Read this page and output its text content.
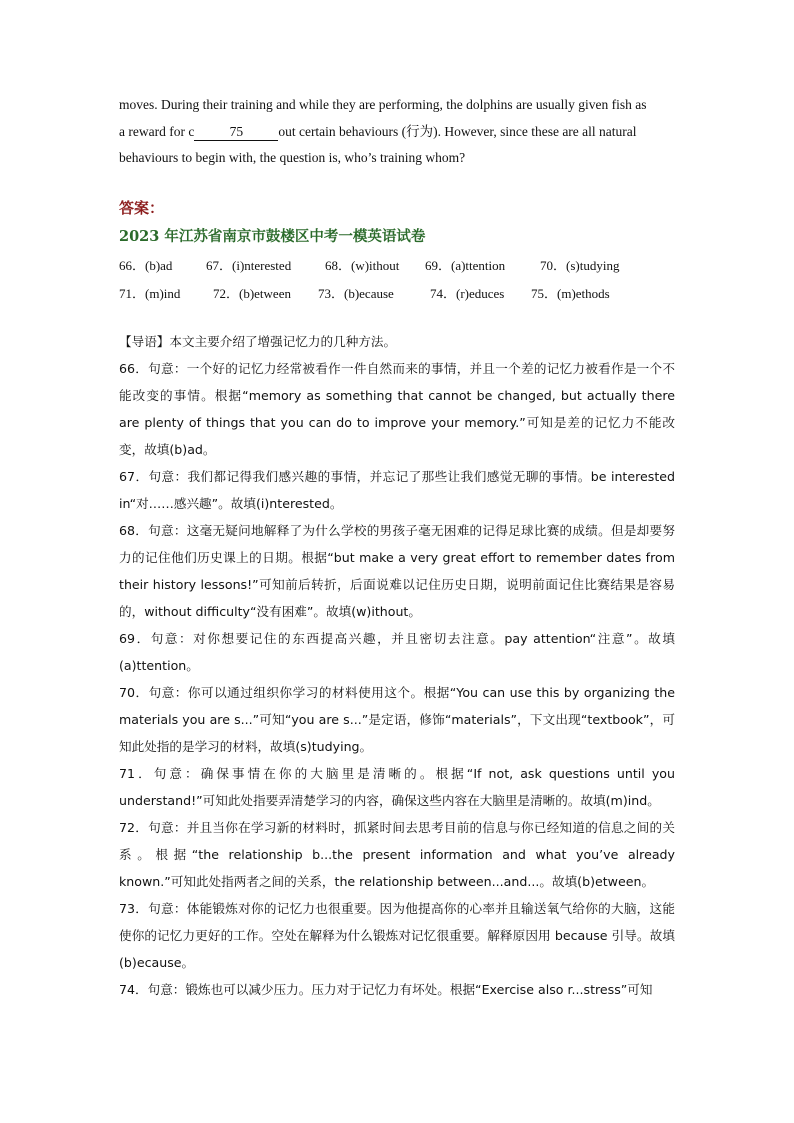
moves. During their training and while they are performing, the dolphins are usually given fish as

a reward for c	75	out certain behaviours (行为). However, since these are all natural

behaviours to begin with, the question is, who’s training whom?

答案：
2023 年江苏省南京市鼓楼区中考一模英语试卷
66．(b)ad	67．(i)nterested	68．(w)ithout 69．(a)ttention	70．(s)tudying
71．(m)ind	72．(b)etween 73．(b)ecause	74．(r)educes 75．(m)ethods

【导语】本文主要介绍了增强记忆力的几种方法。

66．句意：一个好的记忆力经常被看作一件自然而来的事情，并且一个差的记忆力被看作是一个不能改变的事情。根据“memory as something that cannot be changed, but actually there are plenty of things that you can do to improve your memory.”可知是差的记忆力不能改变，故填(b)ad。

67．句意：我们都记得我们感兴趣的事情，并忘记了那些让我们感觉无聊的事情。be interested in“对……感兴趣”。故填(i)nterested。

68．句意：这毫无疑问地解释了为什么学校的男孩子毫无困难的记得足球比赛的成绩。但是却要努力的记住他们历史课上的日期。根据“but make a very great effort to remember dates from their history lessons!”可知前后转折，后面说难以记住历史日期，说明前面记住比赛结果是容易的，without difficulty“没有困难”。故填(w)ithout。

69．句意：对你想要记住的东西提高兴趣，并且密切去注意。pay attention“注意”。故填(a)ttention。

70．句意：你可以通过组织你学习的材料使用这个。根据“You can use this by organizing the materials you are s...”可知“you are s...”是定语，修饰“materials”，下文出现“textbook”，可知此处指的是学习的材料，故填(s)tudying。

71．句意：确保事情在你的大脑里是清晰的。根据“If not, ask questions until you understand!”可知此处指要弄清楚学习的内容，确保这些内容在大脑里是清晰的。故填(m)ind。

72．句意：并且当你在学习新的材料时，抓紧时间去思考目前的信息与你已经知道的信息之间的关系。根据“the relationship b...the present information and what you’ve already known.”可知此处指两者之间的关系，the relationship between...and...。故填(b)etween。

73．句意：体能锻炼对你的记忆力也很重要。因为他提高你的心率并且输送氧气给你的大脑，这能使你的记忆力更好的工作。空处在解释为什么锻炼对记忆很重要。解释原因用 because 引导。故填(b)ecause。

74．句意：锻炼也可以减少压力。压力对于记忆力有坏处。根据“Exercise also r...stress”可知
